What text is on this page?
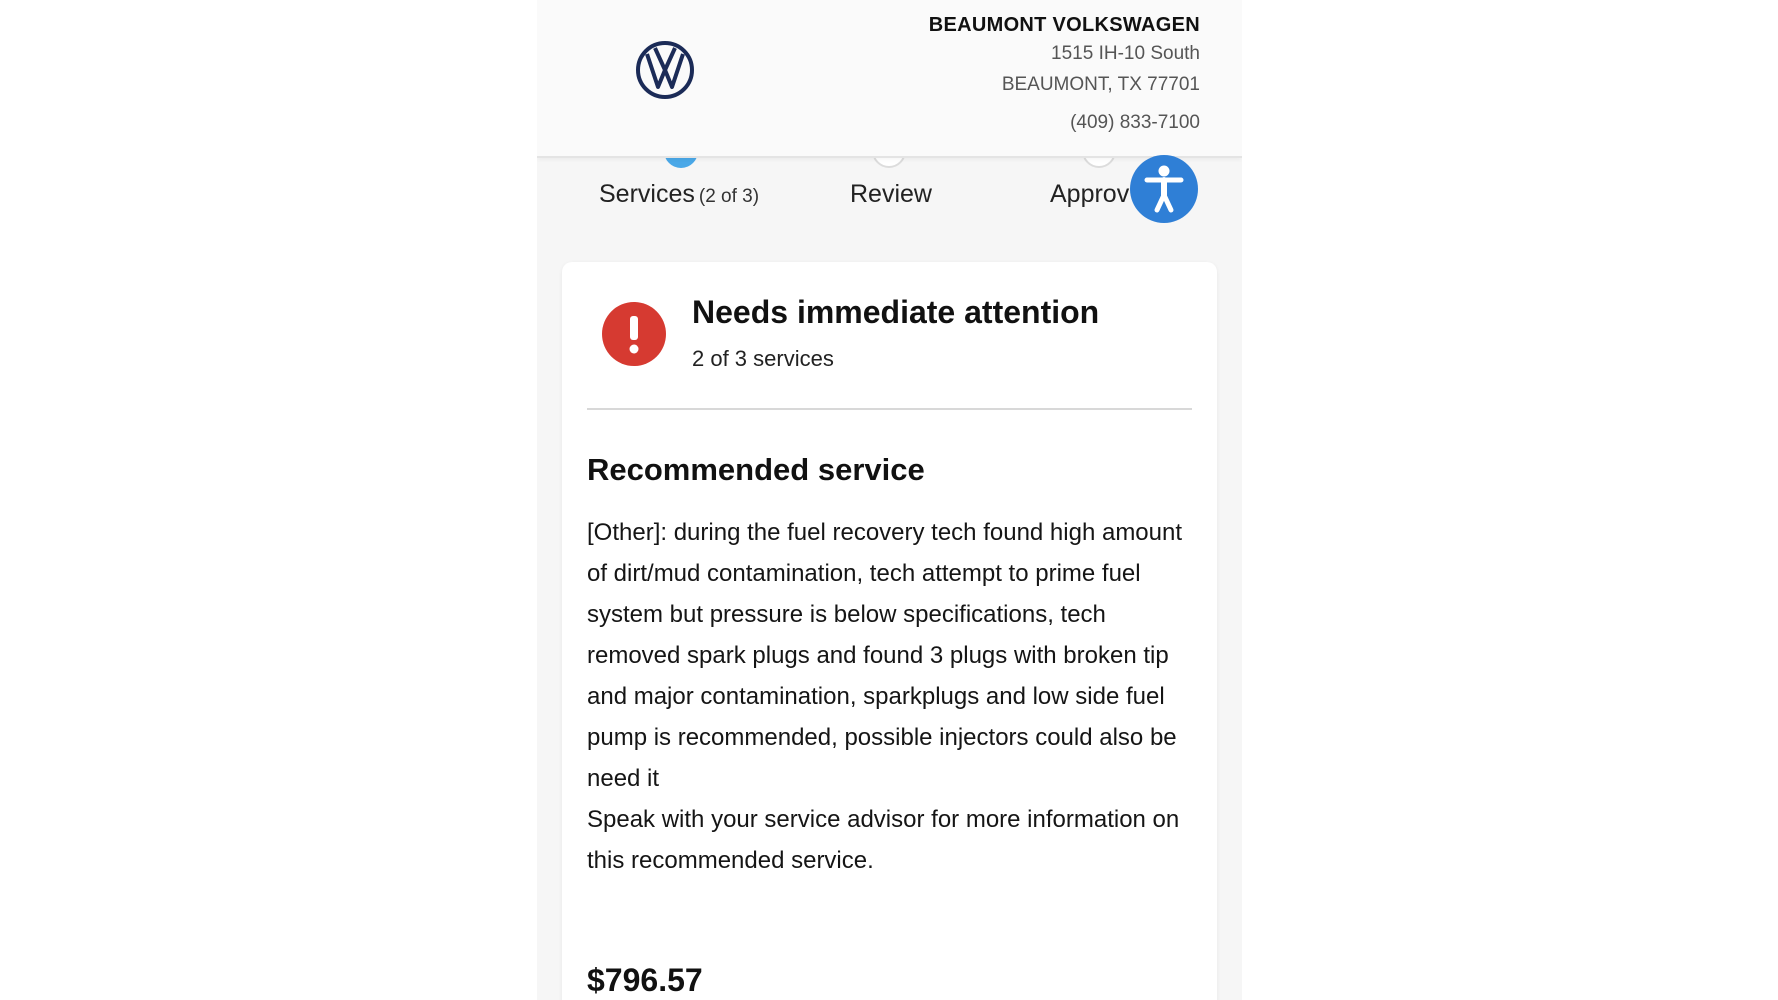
BEAUMONT VOLKSWAGEN
1515 IH-10 South
BEAUMONT, TX 77701
(409) 833-7100
Services (2 of 3)	Review	Approv
Needs immediate attention
2 of 3 services
Recommended service
[Other]: during the fuel recovery tech found high amount of dirt/mud contamination, tech attempt to prime fuel system but pressure is below specifications, tech removed spark plugs and found 3 plugs with broken tip and major contamination, sparkplugs and low side fuel pump is recommended, possible injectors could also be need it
Speak with your service advisor for more information on this recommended service.
$796.57
